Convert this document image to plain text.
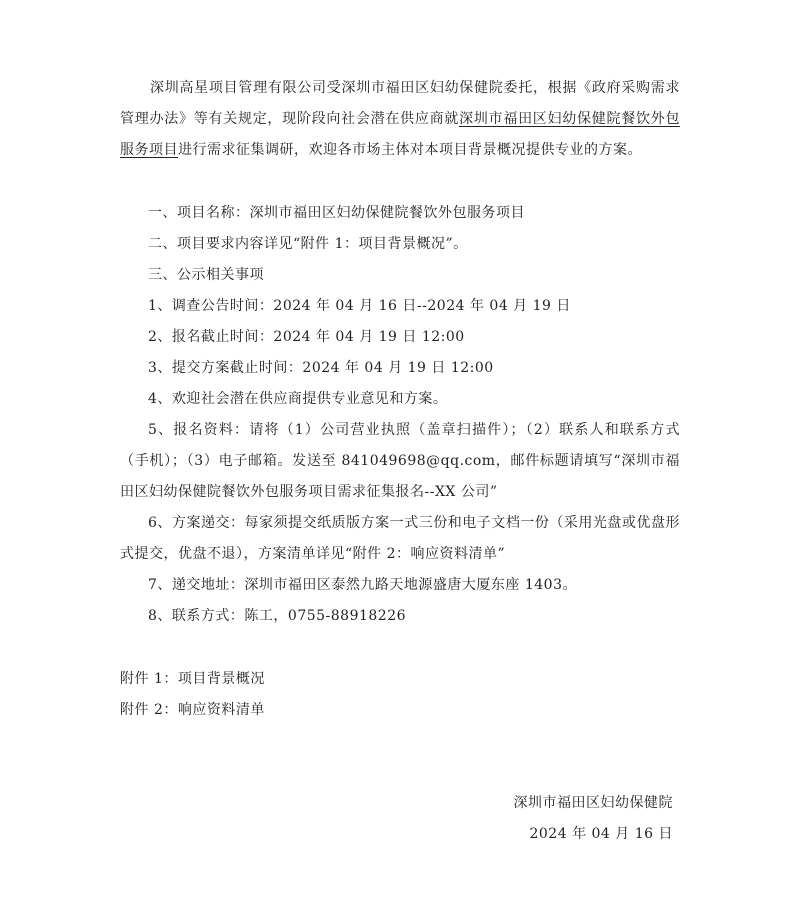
深圳高星项目管理有限公司受深圳市福田区妇幼保健院委托，根据《政府采购需求管理办法》等有关规定，现阶段向社会潜在供应商就深圳市福田区妇幼保健院餐饮外包服务项目进行需求征集调研，欢迎各市场主体对本项目背景概况提供专业的方案。

一、项目名称：深圳市福田区妇幼保健院餐饮外包服务项目

二、项目要求内容详见“附件 1：项目背景概况”。

三、公示相关事项

1、调查公告时间：2024 年 04 月 16 日--2024 年 04 月 19 日

2、报名截止时间：2024 年 04 月 19 日 12:00

3、提交方案截止时间：2024 年 04 月 19 日 12:00

4、欢迎社会潜在供应商提供专业意见和方案。

5、报名资料：请将（1）公司营业执照（盖章扫描件）；（2）联系人和联系方式（手机）；（3）电子邮箱。发送至 841049698@qq.com，邮件标题请填写“深圳市福田区妇幼保健院餐饮外包服务项目需求征集报名--XX 公司”

6、方案递交：每家须提交纸质版方案一式三份和电子文档一份（采用光盘或优盘形式提交，优盘不退），方案清单详见“附件 2：响应资料清单”

7、递交地址：深圳市福田区泰然九路天地源盛唐大厦东座 1403。

8、联系方式：陈工，0755-88918226

附件 1：项目背景概况

附件 2：响应资料清单

深圳市福田区妇幼保健院

2024 年 04 月 16 日
